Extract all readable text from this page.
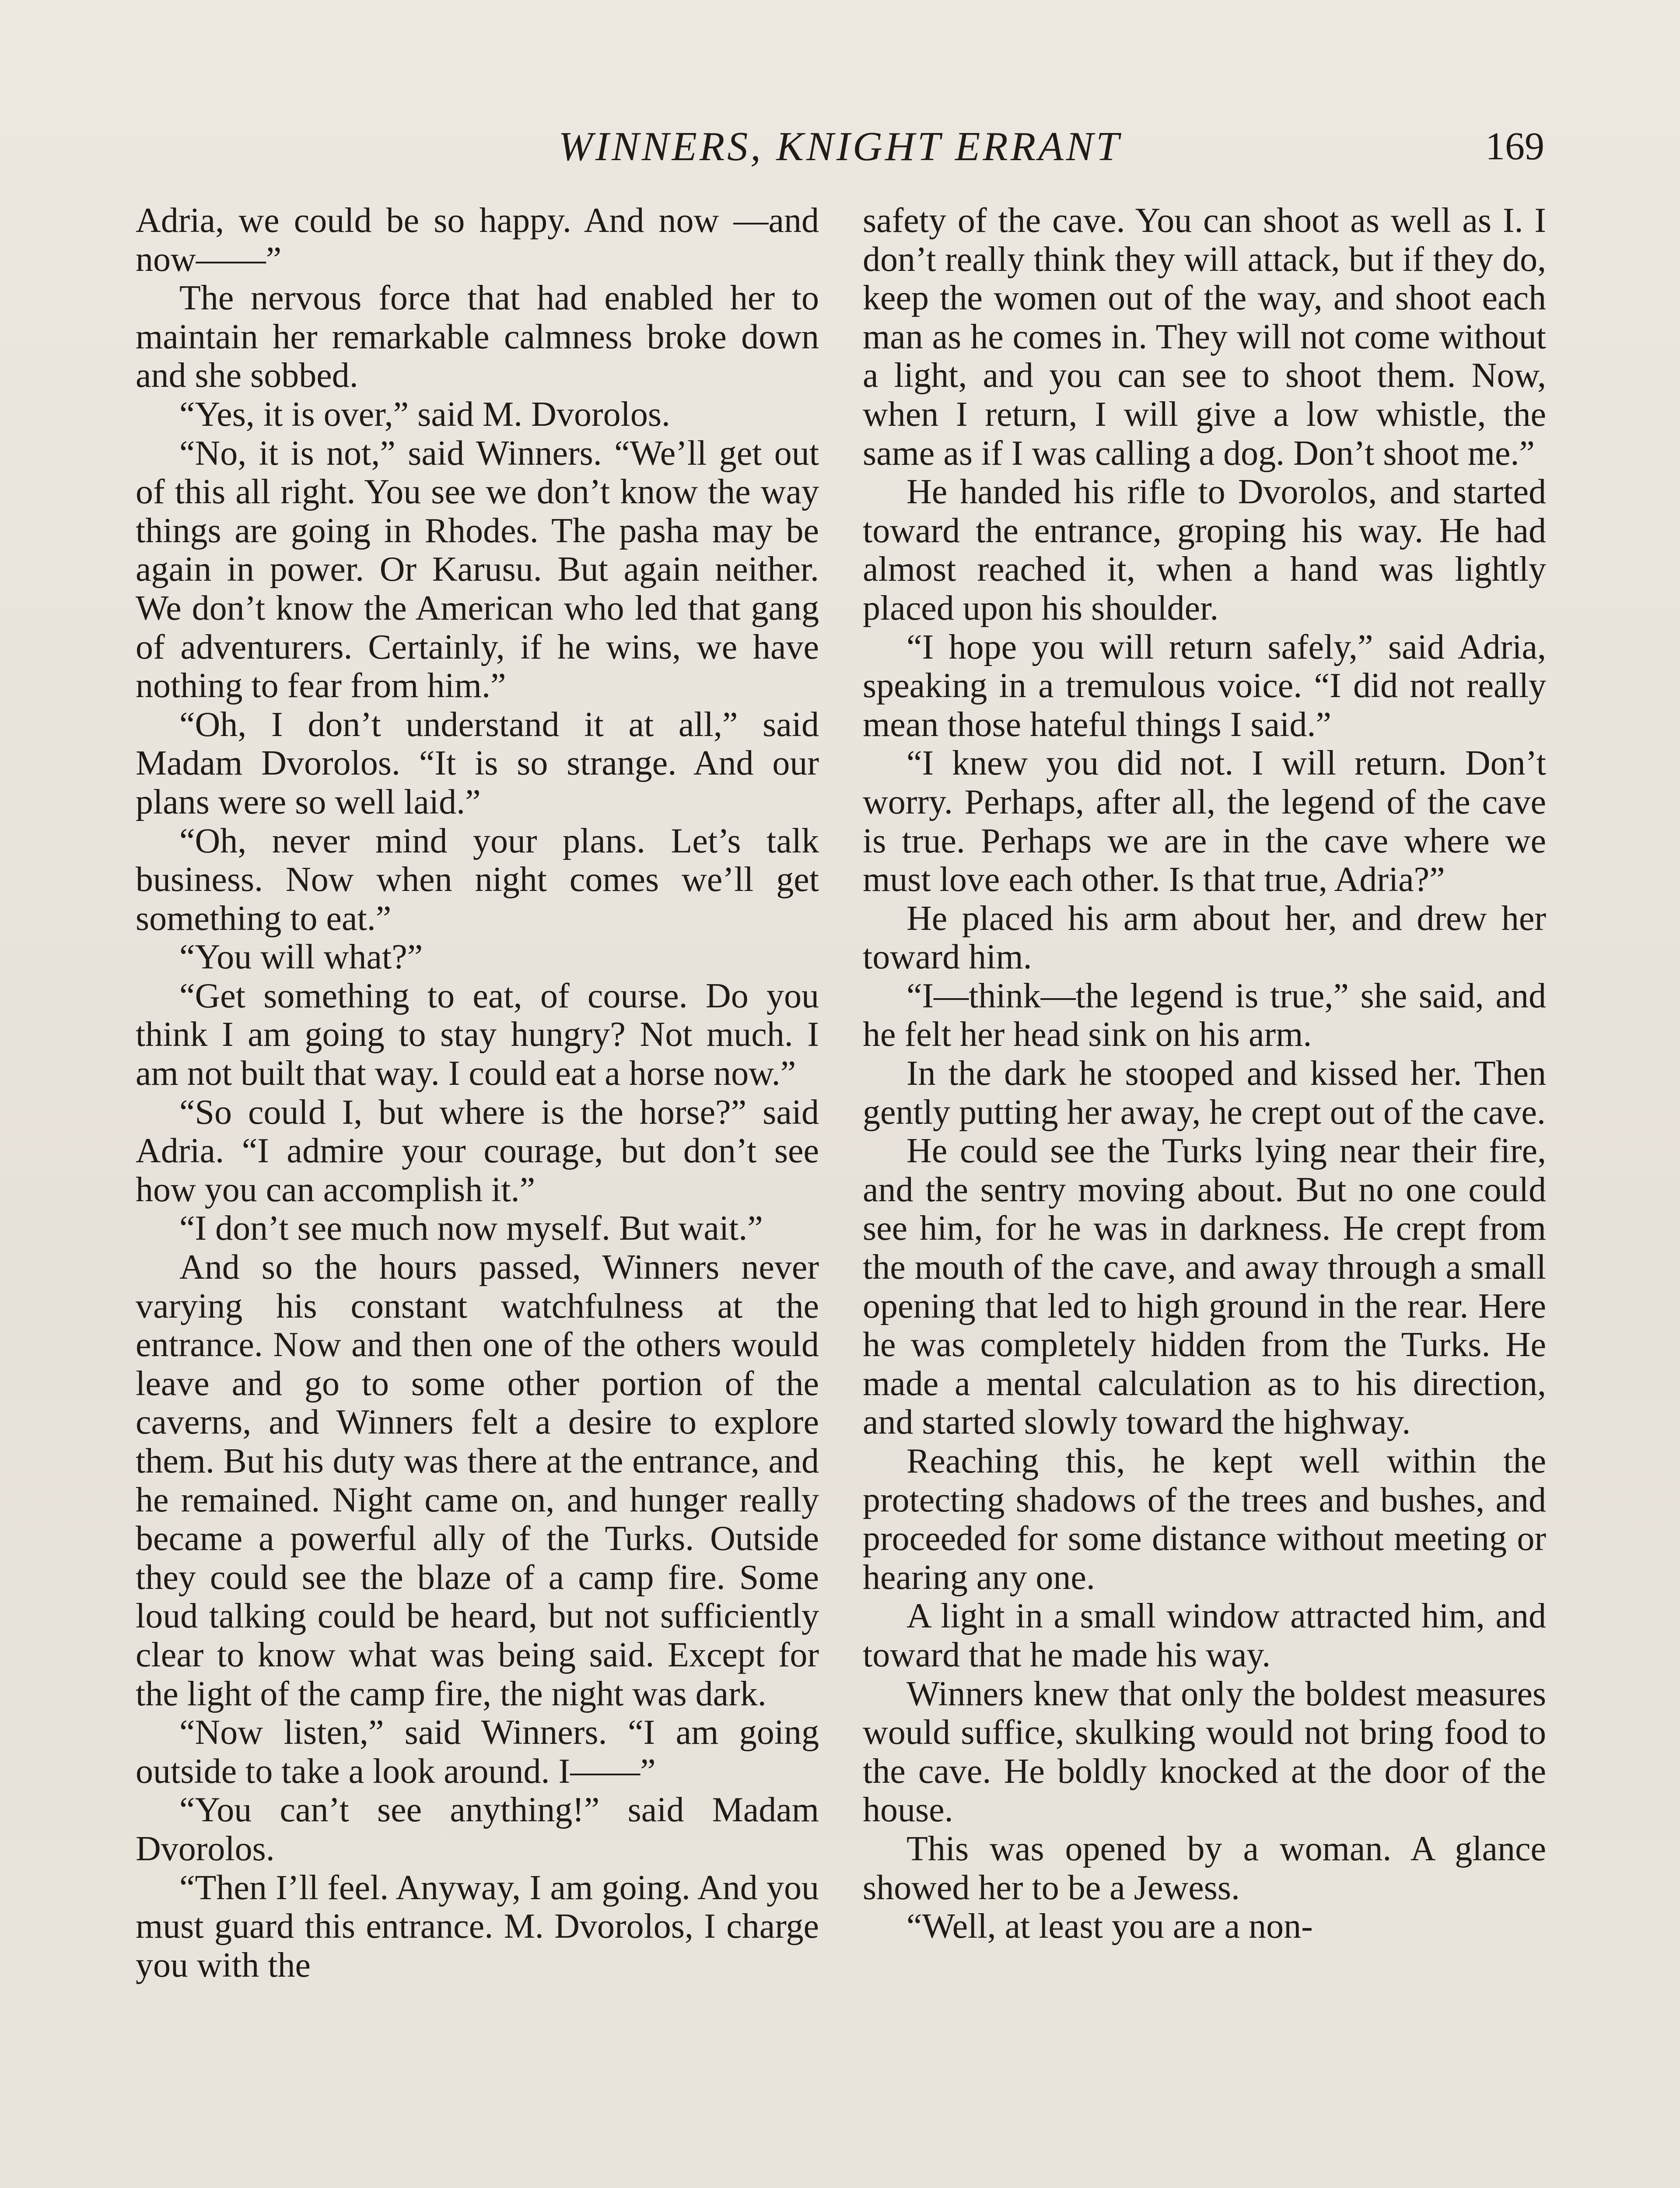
WINNERS, KNIGHT ERRANT	169

Adria, we could be so happy. And now —and now——”

The nervous force that had enabled her to maintain her remarkable calmness broke down and she sobbed.

“Yes, it is over,” said M. Dvorolos.

“No, it is not,” said Winners. “We’ll get out of this all right. You see we don’t know the way things are going in Rhodes. The pasha may be again in power. Or Karusu. But again neither. We don’t know the American who led that gang of adventurers. Certainly, if he wins, we have nothing to fear from him.”

“Oh, I don’t understand it at all,” said Madam Dvorolos. “It is so strange. And our plans were so well laid.”

“Oh, never mind your plans. Let’s talk business. Now when night comes we’ll get something to eat.”

“You will what?”

“Get something to eat, of course. Do you think I am going to stay hungry? Not much. I am not built that way. I could eat a horse now.”

“So could I, but where is the horse?” said Adria. “I admire your courage, but don’t see how you can accomplish it.”

“I don’t see much now myself. But wait.”

And so the hours passed, Winners never varying his constant watchfulness at the entrance. Now and then one of the others would leave and go to some other portion of the caverns, and Winners felt a desire to explore them. But his duty was there at the entrance, and he remained. Night came on, and hunger really became a powerful ally of the Turks. Outside they could see the blaze of a camp fire. Some loud talking could be heard, but not sufficiently clear to know what was being said. Except for the light of the camp fire, the night was dark.

“Now listen,” said Winners. “I am going outside to take a look around. I——”

“You can’t see anything!” said Madam Dvorolos.

“Then I’ll feel. Anyway, I am going. And you must guard this entrance. M. Dvorolos, I charge you with the

safety of the cave. You can shoot as well as I. I don’t really think they will attack, but if they do, keep the women out of the way, and shoot each man as he comes in. They will not come without a light, and you can see to shoot them. Now, when I return, I will give a low whistle, the same as if I was calling a dog. Don’t shoot me.”

He handed his rifle to Dvorolos, and started toward the entrance, groping his way. He had almost reached it, when a hand was lightly placed upon his shoulder.

“I hope you will return safely,” said Adria, speaking in a tremulous voice. “I did not really mean those hateful things I said.”

“I knew you did not. I will return. Don’t worry. Perhaps, after all, the legend of the cave is true. Perhaps we are in the cave where we must love each other. Is that true, Adria?”

He placed his arm about her, and drew her toward him.

“I—think—the legend is true,” she said, and he felt her head sink on his arm.

In the dark he stooped and kissed her. Then gently putting her away, he crept out of the cave.

He could see the Turks lying near their fire, and the sentry moving about. But no one could see him, for he was in darkness. He crept from the mouth of the cave, and away through a small opening that led to high ground in the rear. Here he was completely hidden from the Turks. He made a mental calculation as to his direction, and started slowly toward the highway.

Reaching this, he kept well within the protecting shadows of the trees and bushes, and proceeded for some distance without meeting or hearing any one.

A light in a small window attracted him, and toward that he made his way.

Winners knew that only the boldest measures would suffice, skulking would not bring food to the cave. He boldly knocked at the door of the house.

This was opened by a woman. A glance showed her to be a Jewess.

“Well, at least you are a non-
